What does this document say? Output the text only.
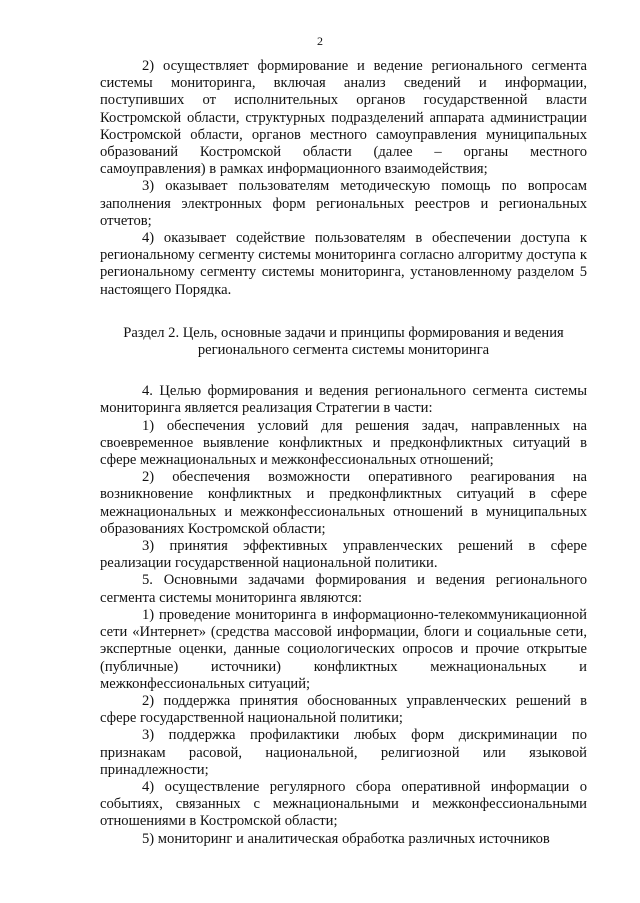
2

2) осуществляет формирование и ведение регионального сегмента системы мониторинга, включая анализ сведений и информации, поступивших от исполнительных органов государственной власти Костромской области, структурных подразделений аппарата администрации Костромской области, органов местного самоуправления муниципальных образований Костромской области (далее – органы местного самоуправления) в рамках информационного взаимодействия;

3) оказывает пользователям методическую помощь по вопросам заполнения электронных форм региональных реестров и региональных отчетов;

4) оказывает содействие пользователям в обеспечении доступа к региональному сегменту системы мониторинга согласно алгоритму доступа к региональному сегменту системы мониторинга, установленному разделом 5 настоящего Порядка.

Раздел 2. Цель, основные задачи и принципы формирования и ведения
регионального сегмента системы мониторинга

4. Целью формирования и ведения регионального сегмента системы мониторинга является реализация Стратегии в части:

1) обеспечения условий для решения задач, направленных на своевременное выявление конфликтных и предконфликтных ситуаций в сфере межнациональных и межконфессиональных отношений;

2) обеспечения возможности оперативного реагирования на возникновение конфликтных и предконфликтных ситуаций в сфере межнациональных и межконфессиональных отношений в муниципальных образованиях Костромской области;

3) принятия эффективных управленческих решений в сфере реализации государственной национальной политики.

5. Основными задачами формирования и ведения регионального сегмента системы мониторинга являются:

1) проведение мониторинга в информационно-телекоммуникационной сети «Интернет» (средства массовой информации, блоги и социальные сети, экспертные оценки, данные социологических опросов и прочие открытые (публичные) источники) конфликтных межнациональных и межконфессиональных ситуаций;

2) поддержка принятия обоснованных управленческих решений в сфере государственной национальной политики;

3) поддержка профилактики любых форм дискриминации по признакам расовой, национальной, религиозной или языковой принадлежности;

4) осуществление регулярного сбора оперативной информации о событиях, связанных с межнациональными и межконфессиональными отношениями в Костромской области;

5) мониторинг и аналитическая обработка различных источников
